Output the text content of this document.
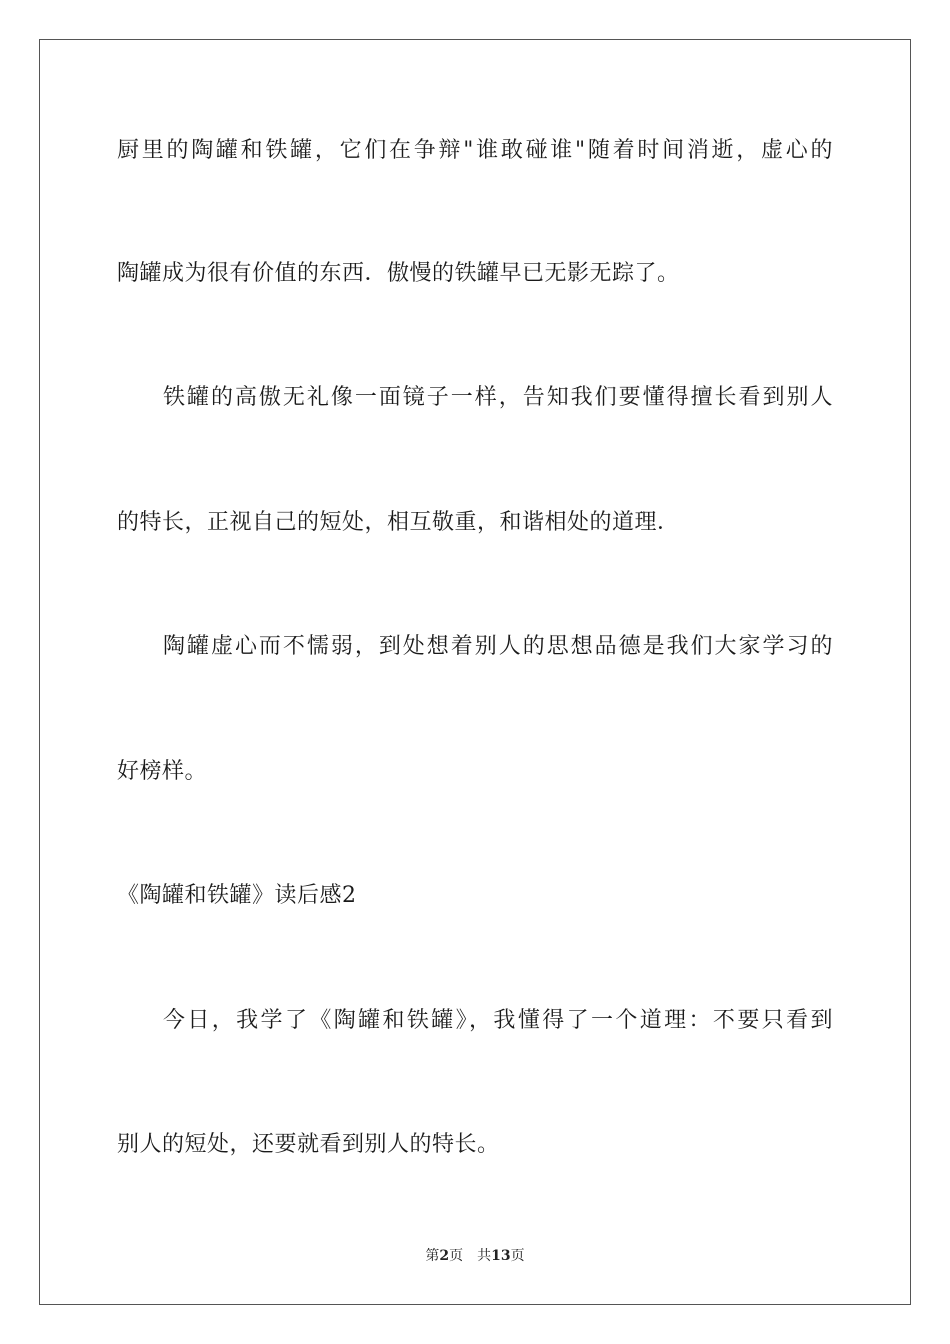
厨里的陶罐和铁罐，它们在争辩"谁敢碰谁"随着时间消逝，虚心的
陶罐成为很有价值的东西．傲慢的铁罐早已无影无踪了。
铁罐的高傲无礼像一面镜子一样，告知我们要懂得擅长看到别人
的特长，正视自己的短处，相互敬重，和谐相处的道理．
陶罐虚心而不懦弱，到处想着别人的思想品德是我们大家学习的
好榜样。
《陶罐和铁罐》读后感2
今日，我学了《陶罐和铁罐》，我懂得了一个道理：不要只看到
别人的短处，还要就看到别人的特长。
第2页 共13页
